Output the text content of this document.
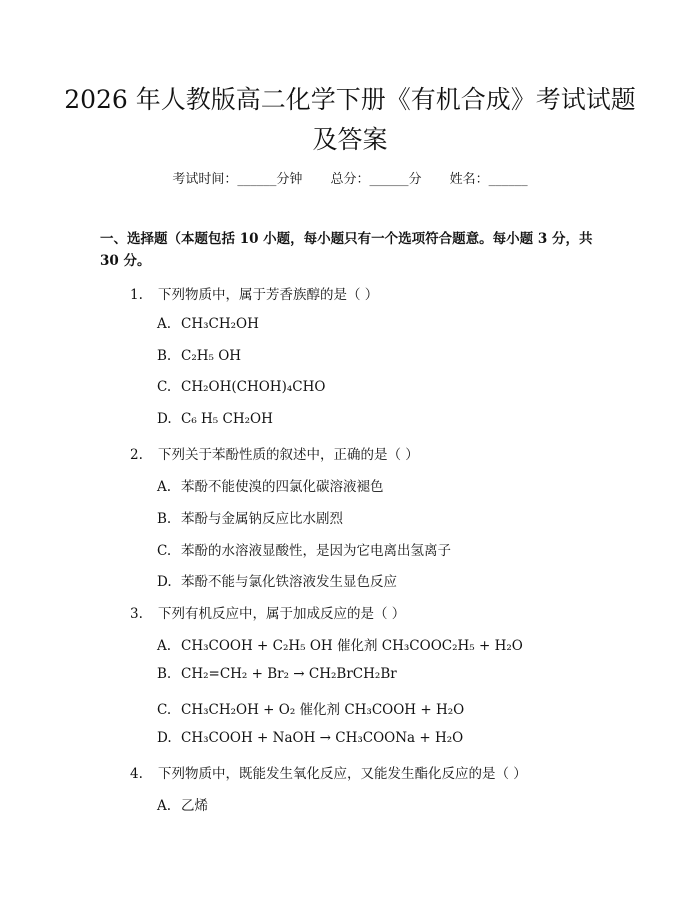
2026 年人教版高二化学下册《有机合成》考试试题及答案
考试时间：______分钟 总分：______分 姓名：______

一、选择题（本题包括 10 小题，每小题只有一个选项符合题意。每小题 3 分，共 30 分。

1. 下列物质中，属于芳香族醇的是（ ）
A. CH₃CH₂OH
B. C₂H₅ OH
C. CH₂OH(CHOH)₄CHO
D. C₆ H₅ CH₂OH
2. 下列关于苯酚性质的叙述中，正确的是（ ）
A. 苯酚不能使溴的四氯化碳溶液褪色
B. 苯酚与金属钠反应比水剧烈
C. 苯酚的水溶液显酸性，是因为它电离出氢离子
D. 苯酚不能与氯化铁溶液发生显色反应
3. 下列有机反应中，属于加成反应的是（ ）
A. CH₃COOH + C₂H₅ OH 催化剂 CH₃COOC₂H₅ + H₂O
B. CH₂=CH₂ + Br₂ → CH₂BrCH₂Br
C. CH₃CH₂OH + O₂ 催化剂 CH₃COOH + H₂O
D. CH₃COOH + NaOH → CH₃COONa + H₂O
4. 下列物质中，既能发生氧化反应，又能发生酯化反应的是（ ）
A. 乙烯
